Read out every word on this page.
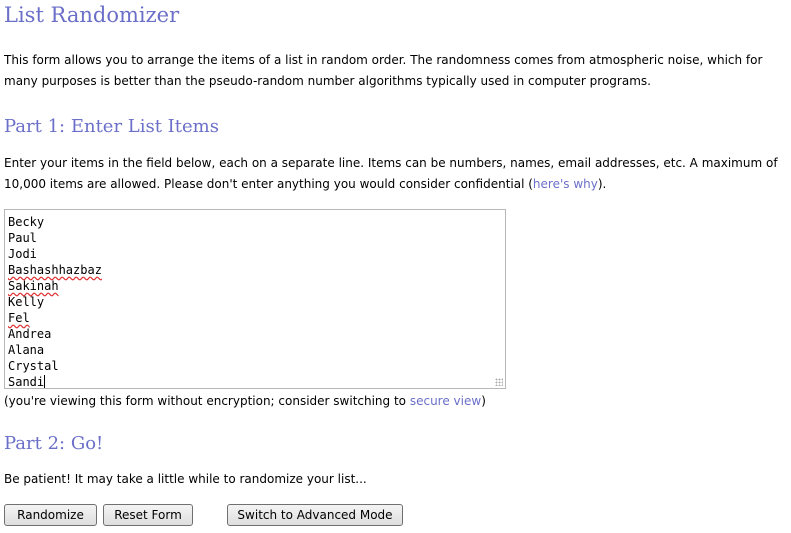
List Randomizer

This form allows you to arrange the items of a list in random order. The randomness comes from atmospheric noise, which for many purposes is better than the pseudo-random number algorithms typically used in computer programs.

Part 1: Enter List Items

Enter your items in the field below, each on a separate line. Items can be numbers, names, email addresses, etc. A maximum of 10,000 items are allowed. Please don't enter anything you would consider confidential (here's why).

Becky
Paul
Jodi
Bashashhazbaz
Sakinah
Kelly
Fel
Andrea
Alana
Crystal
Sandi

(you're viewing this form without encryption; consider switching to secure view)

Part 2: Go!

Be patient! It may take a little while to randomize your list...

Randomize	Reset Form	Switch to Advanced Mode
